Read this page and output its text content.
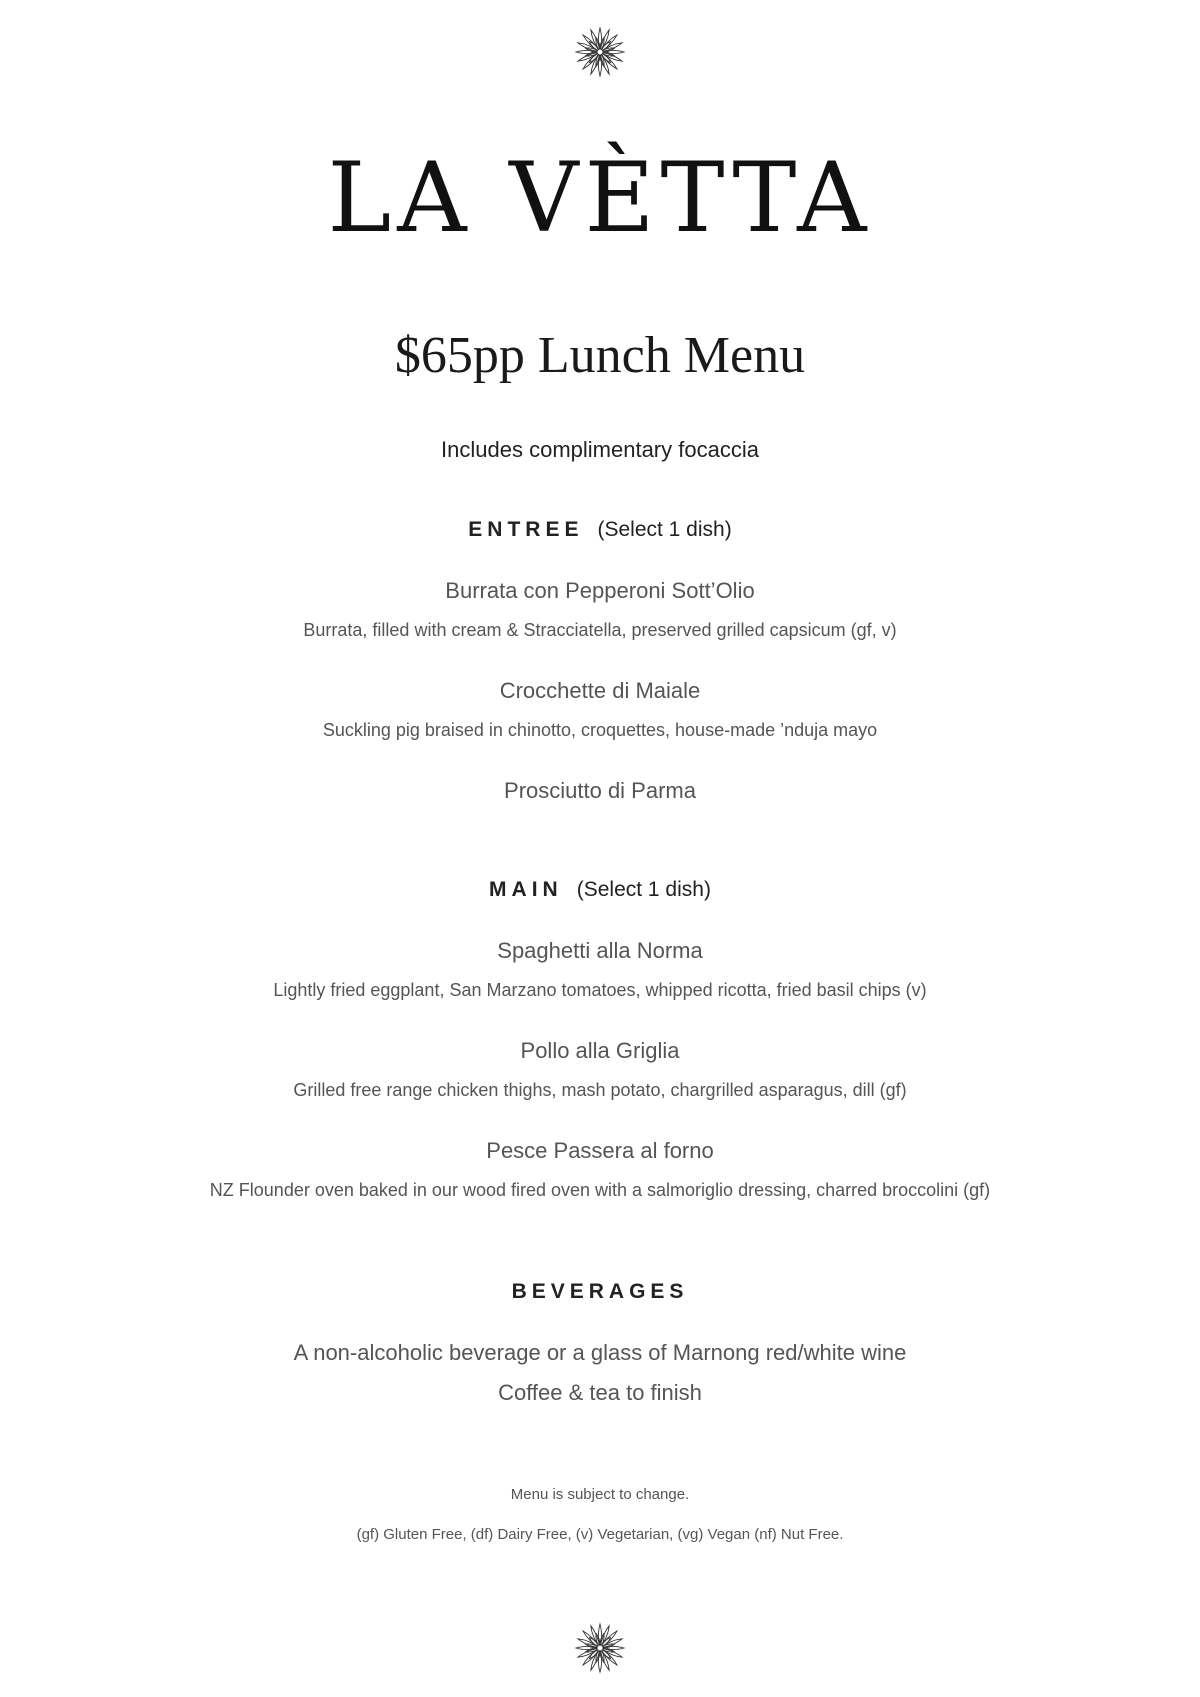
LA VÈTTA
$65pp Lunch Menu
Includes complimentary focaccia
ENTREE (Select 1 dish)
Burrata con Pepperoni Sott’Olio
Burrata, filled with cream & Stracciatella, preserved grilled capsicum (gf, v)
Crocchette di Maiale
Suckling pig braised in chinotto, croquettes, house-made ’nduja mayo
Prosciutto di Parma
MAIN (Select 1 dish)
Spaghetti alla Norma
Lightly fried eggplant, San Marzano tomatoes, whipped ricotta, fried basil chips (v)
Pollo alla Griglia
Grilled free range chicken thighs, mash potato, chargrilled asparagus, dill (gf)
Pesce Passera al forno
NZ Flounder oven baked in our wood fired oven with a salmoriglio dressing, charred broccolini (gf)
BEVERAGES
A non-alcoholic beverage or a glass of Marnong red/white wine
Coffee & tea to finish
Menu is subject to change.
(gf) Gluten Free, (df) Dairy Free, (v) Vegetarian, (vg) Vegan (nf) Nut Free.
